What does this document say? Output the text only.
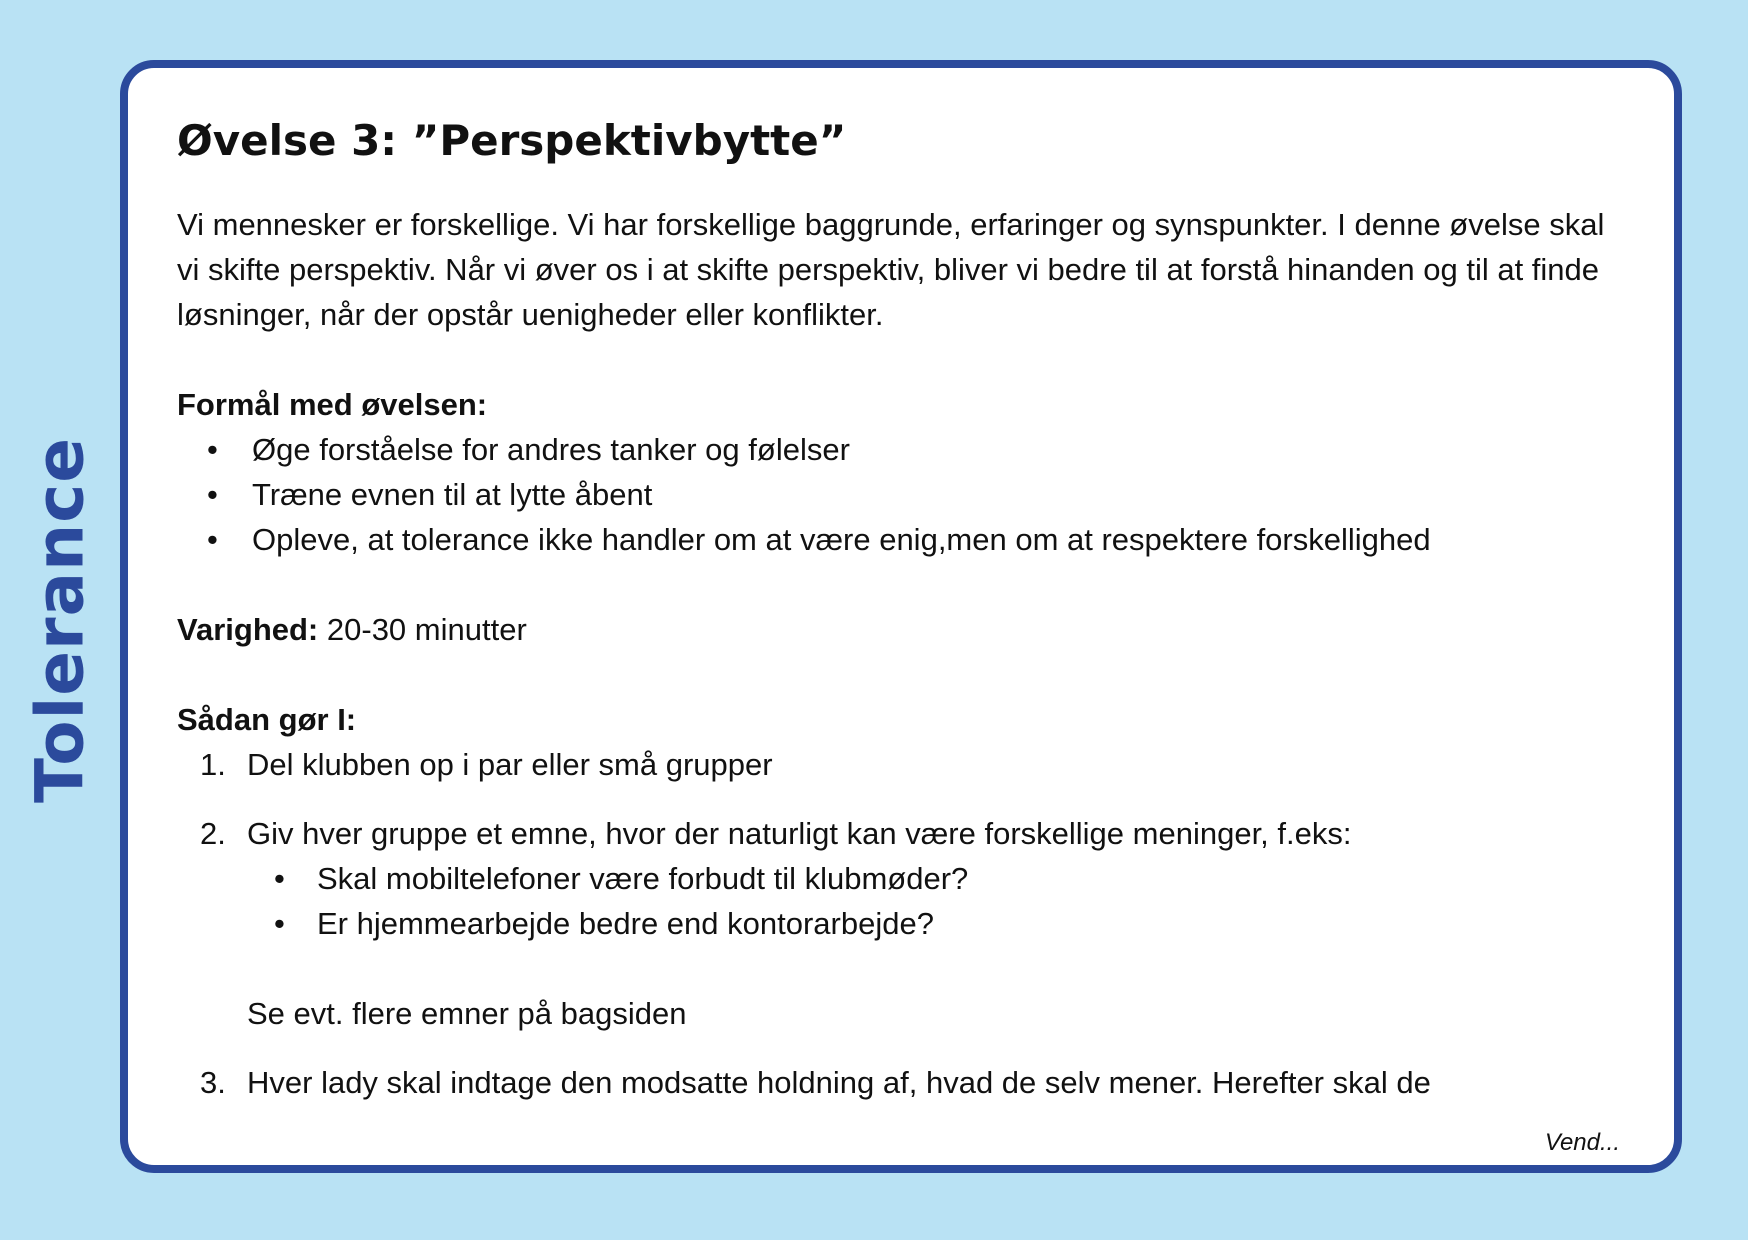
Tolerance
Øvelse 3: ”Perspektivbytte”

Vi mennesker er forskellige. Vi har forskellige baggrunde, erfaringer og synspunkter. I denne øvelse skal vi skifte perspektiv. Når vi øver os i at skifte perspektiv, bliver vi bedre til at forstå hinanden og til at finde løsninger, når der opstår uenigheder eller konflikter.

Formål med øvelsen:

• Øge forståelse for andres tanker og følelser
• Træne evnen til at lytte åbent
• Opleve, at tolerance ikke handler om at være enig,men om at respektere forskellighed

Varighed: 20-30 minutter

Sådan gør I:

1. Del klubben op i par eller små grupper
2. Giv hver gruppe et emne, hvor der naturligt kan være forskellige meninger, f.eks:
• Skal mobiltelefoner være forbudt til klubmøder?
• Er hjemmearbejde bedre end kontorarbejde?
Se evt. flere emner på bagsiden
3. Hver lady skal indtage den modsatte holdning af, hvad de selv mener. Herefter skal de
Vend...
